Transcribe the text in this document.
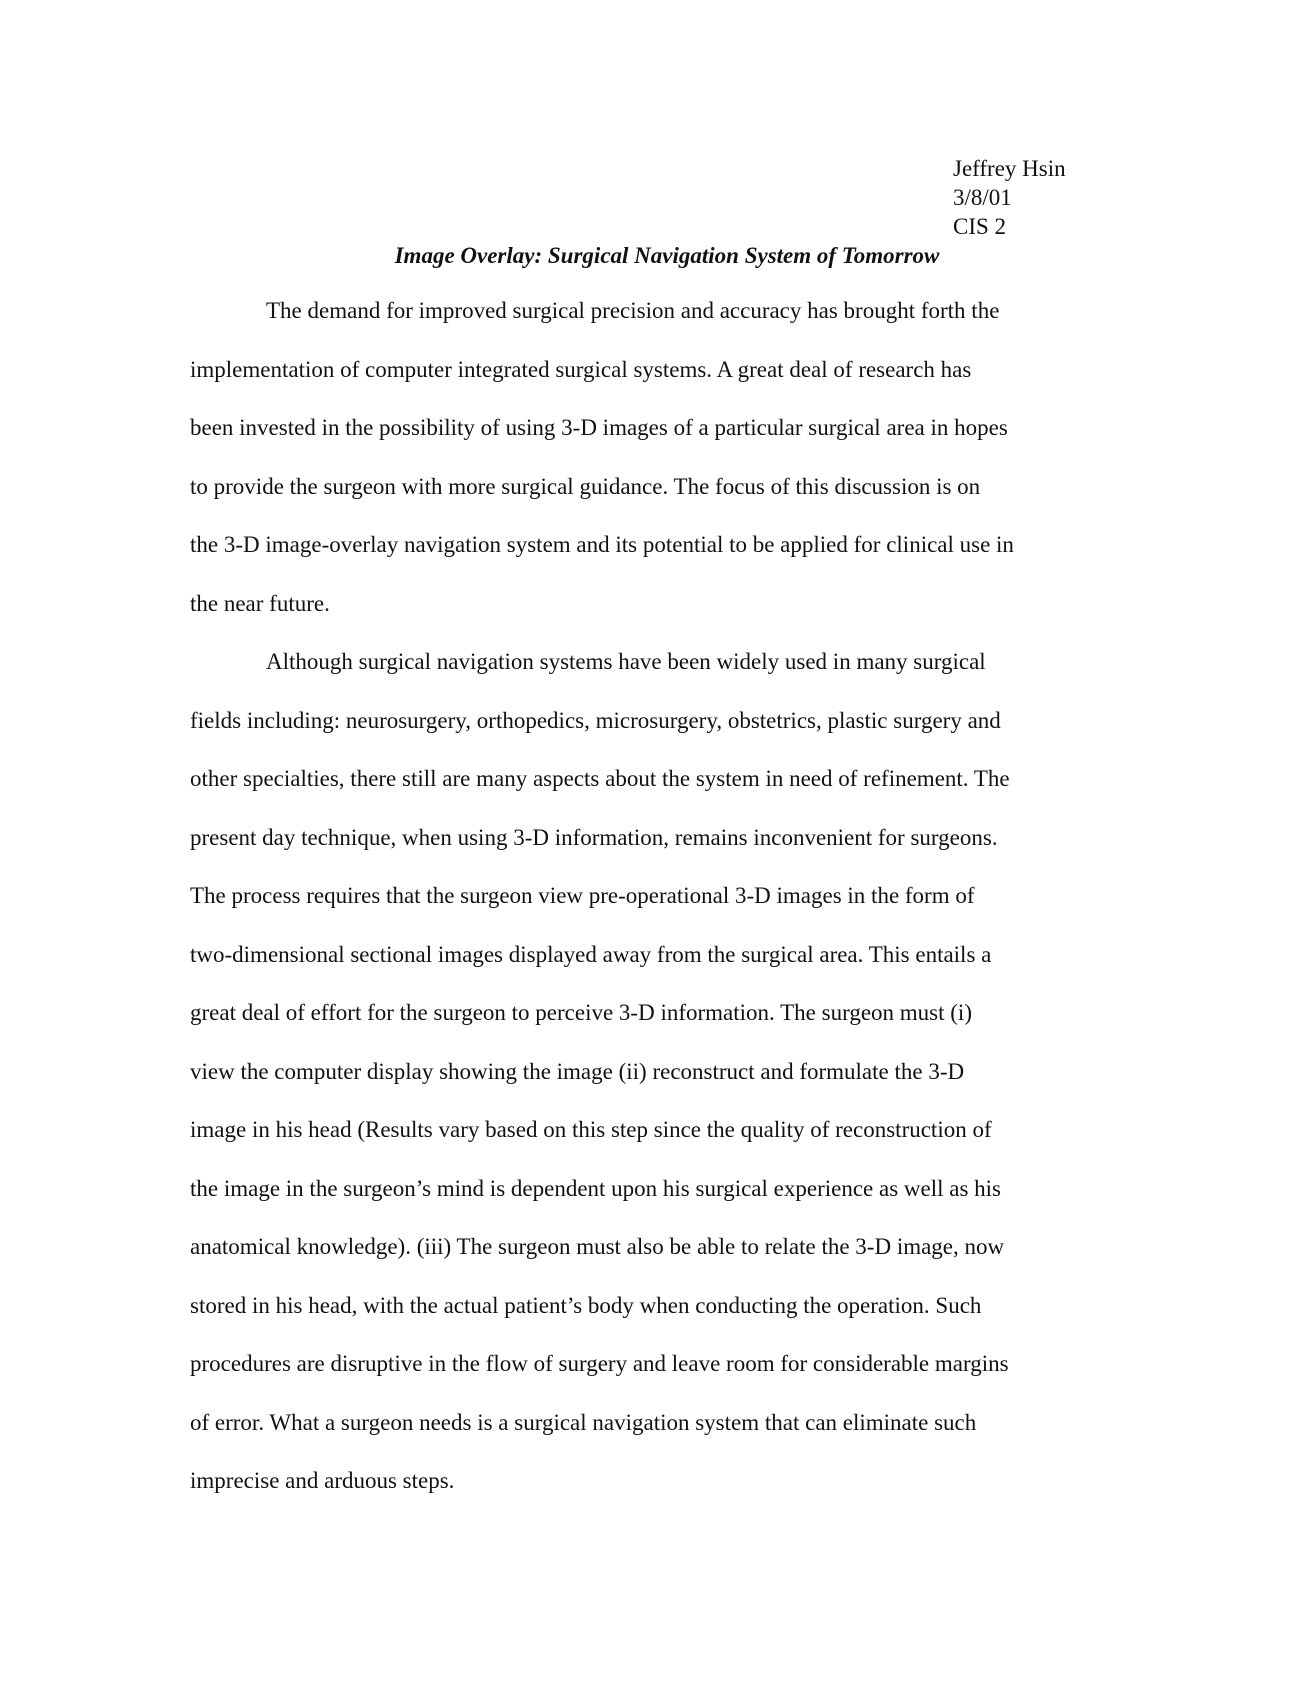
Jeffrey Hsin
3/8/01
CIS 2
Image Overlay: Surgical Navigation System of Tomorrow
The demand for improved surgical precision and accuracy has brought forth the
implementation of computer integrated surgical systems. A great deal of research has
been invested in the possibility of using 3-D images of a particular surgical area in hopes
to provide the surgeon with more surgical guidance. The focus of this discussion is on
the 3-D image-overlay navigation system and its potential to be applied for clinical use in
the near future.
Although surgical navigation systems have been widely used in many surgical
fields including: neurosurgery, orthopedics, microsurgery, obstetrics, plastic surgery and
other specialties, there still are many aspects about the system in need of refinement. The
present day technique, when using 3-D information, remains inconvenient for surgeons.
The process requires that the surgeon view pre-operational 3-D images in the form of
two-dimensional sectional images displayed away from the surgical area. This entails a
great deal of effort for the surgeon to perceive 3-D information. The surgeon must (i)
view the computer display showing the image (ii) reconstruct and formulate the 3-D
image in his head (Results vary based on this step since the quality of reconstruction of
the image in the surgeon’s mind is dependent upon his surgical experience as well as his
anatomical knowledge). (iii) The surgeon must also be able to relate the 3-D image, now
stored in his head, with the actual patient’s body when conducting the operation. Such
procedures are disruptive in the flow of surgery and leave room for considerable margins
of error. What a surgeon needs is a surgical navigation system that can eliminate such
imprecise and arduous steps.
